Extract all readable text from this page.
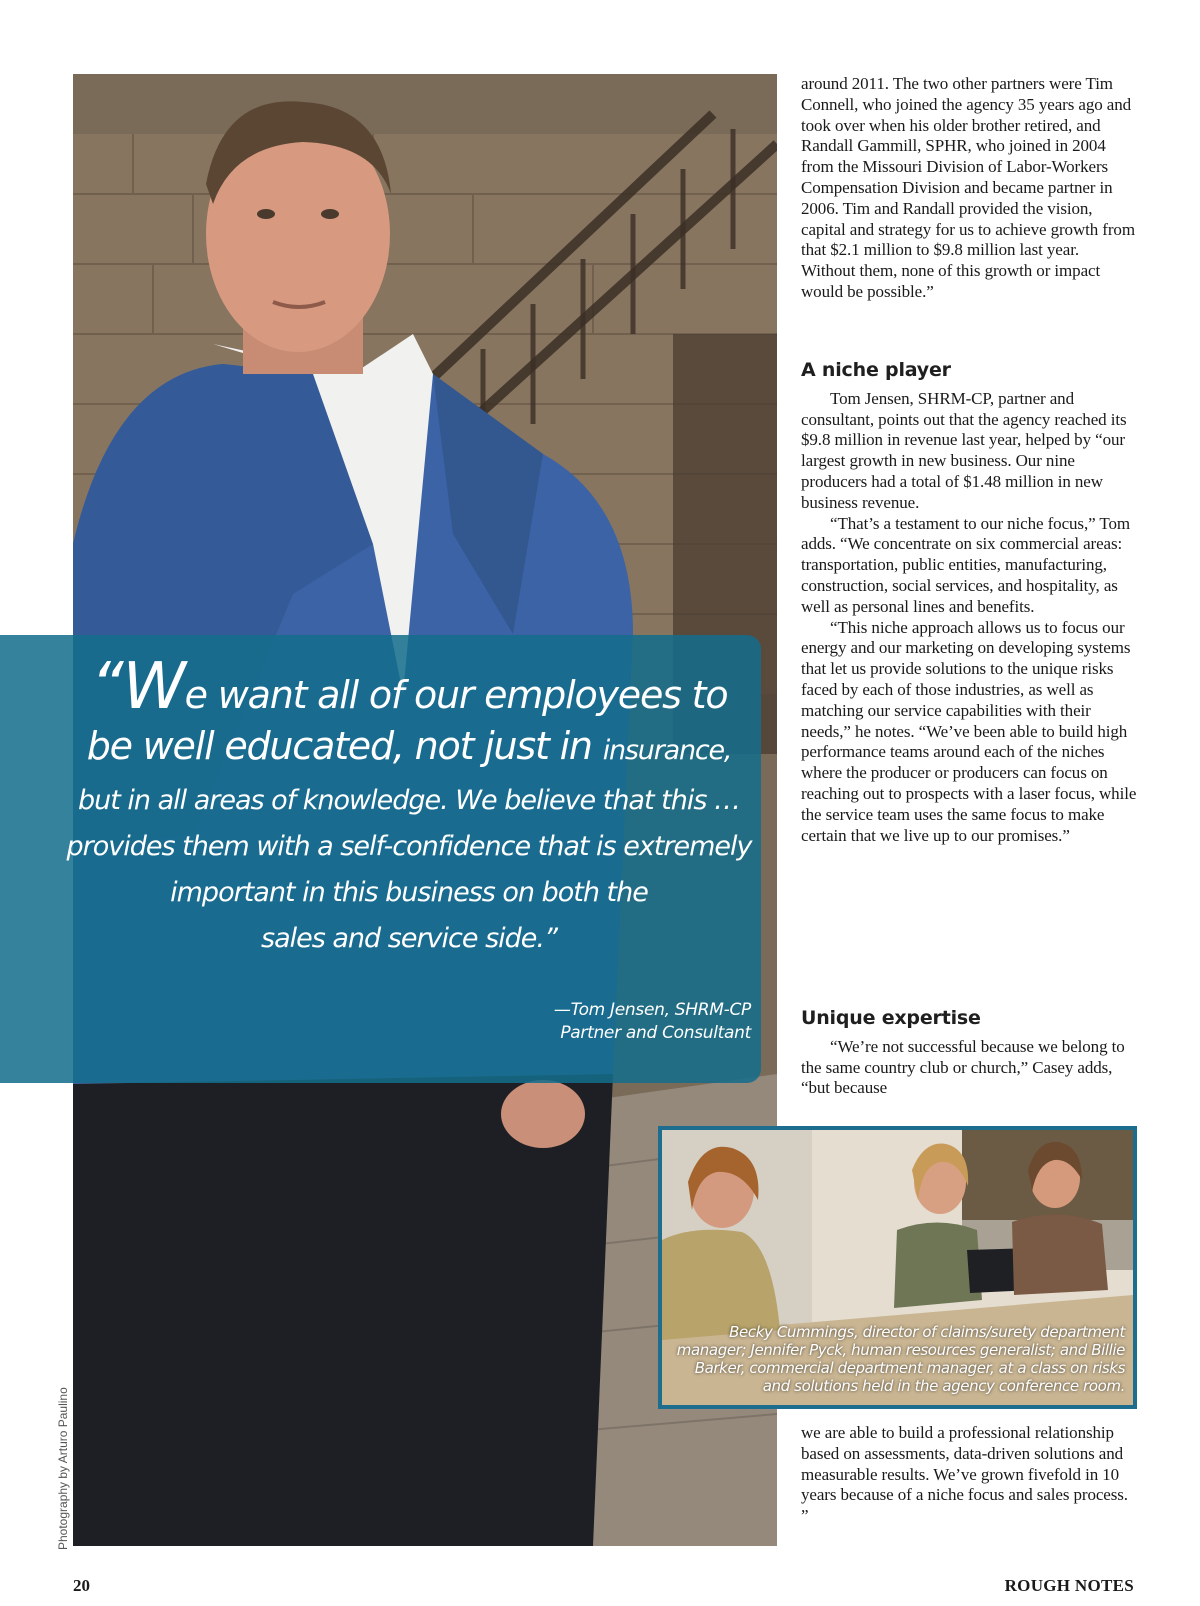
Photography by Arturo Paulino
“We want all of our employees to
be well educated, not just in insurance,
but in all areas of knowledge. We believe that this …
provides them with a self-confidence that is extremely
important in this business on both the
sales and service side.”
—Tom Jensen, SHRM-CP
Partner and Consultant

around 2011. The two other partners were Tim Connell, who joined the agency 35 years ago and took over when his older brother retired, and Randall Gammill, SPHR, who joined in 2004 from the Missouri Division of Labor-Workers Compensation Division and became partner in 2006. Tim and Randall provided the vision, capital and strategy for us to achieve growth from that $2.1 million to $9.8 million last year. Without them, none of this growth or impact would be possible.”

A niche player

Tom Jensen, SHRM-CP, partner and consultant, points out that the agency reached its $9.8 million in revenue last year, helped by “our largest growth in new business. Our nine producers had a total of $1.48 million in new business revenue.

“That’s a testament to our niche focus,” Tom adds. “We concentrate on six commercial areas: transportation, public entities, manufacturing, construction, social services, and hospitality, as well as personal lines and benefits.

“This niche approach allows us to focus our energy and our marketing on developing systems that let us provide solutions to the unique risks faced by each of those industries, as well as matching our service capabilities with their needs,” he notes. “We’ve been able to build high performance teams around each of the niches where the producer or producers can focus on reaching out to prospects with a laser focus, while the service team uses the same focus to make certain that we live up to our promises.”

Unique expertise

“We’re not successful because we belong to the same country club or church,” Casey adds, “but because

Becky Cummings, director of claims/surety department manager; Jennifer Pyck, human resources generalist; and Billie Barker, commercial department manager, at a class on risks and solutions held in the agency conference room.

we are able to build a professional relationship based on assessments, data-driven solutions and measurable results. We’ve grown fivefold in 10 years because of a niche focus and sales process. ”

20	ROUGH NOTES
